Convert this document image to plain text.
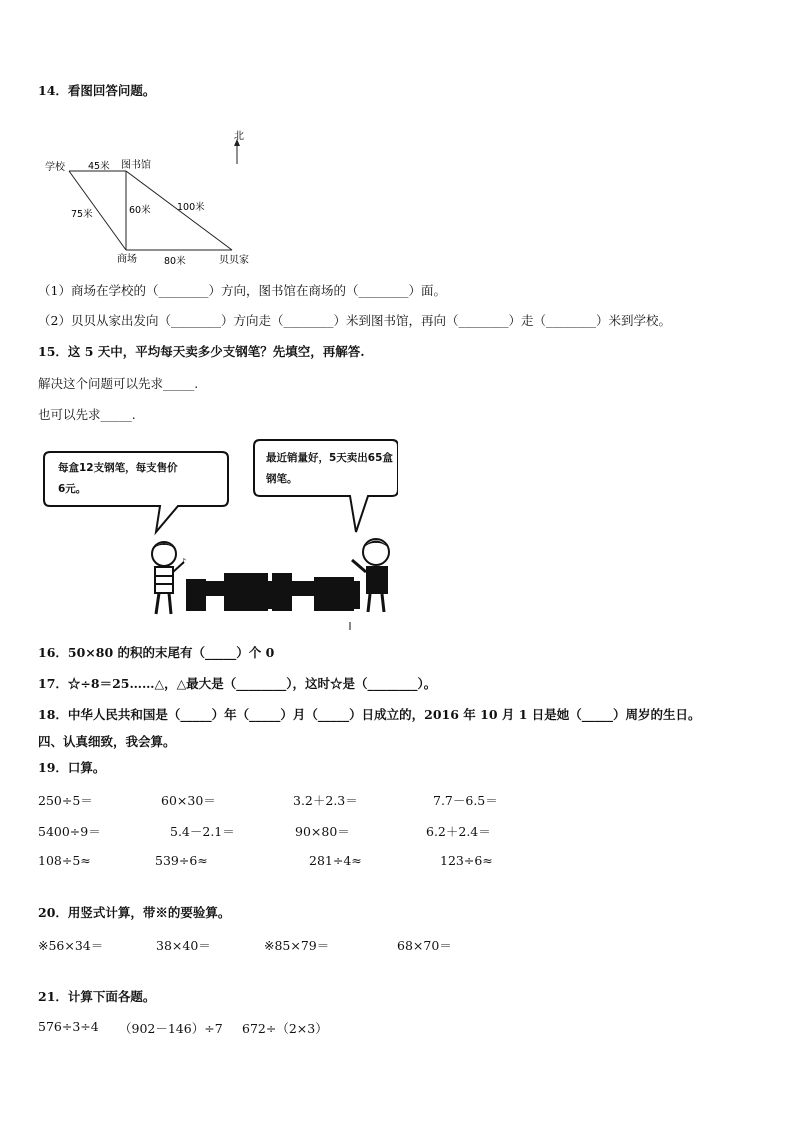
14．看图回答问题。
北
学校	图书馆
商场	贝贝家
45米
75米	60米	100米
80米
（1）商场在学校的（________）方向，图书馆在商场的（________）面。
（2）贝贝从家出发向（________）方向走（________）米到图书馆，再向（________）走（________）米到学校。
15．这 5 天中，平均每天卖多少支钢笔？先填空，再解答.
解决这个问题可以先求_____.
也可以先求_____.
♪
每盒12支钢笔，每支售价
6元。
最近销量好，5天卖出65盒
钢笔。
16．50×80 的积的末尾有（_____）个 0
17．☆÷8＝25……△，△最大是（________），这时☆是（________）。
18．中华人民共和国是（_____）年（_____）月（_____）日成立的，2016 年 10 月 1 日是她（_____）周岁的生日。
四、认真细致，我会算。
19．口算。
250÷5＝	60×30＝	3.2＋2.3＝	7.7－6.5＝
5400÷9＝	5.4－2.1＝	90×80＝	6.2＋2.4＝
108÷5≈	539÷6≈	281÷4≈	123÷6≈
20．用竖式计算，带※的要验算。
※56×34＝	38×40＝	※85×79＝	68×70＝
21．计算下面各题。
576÷3÷4 （902－146）÷7 672÷（2×3）
